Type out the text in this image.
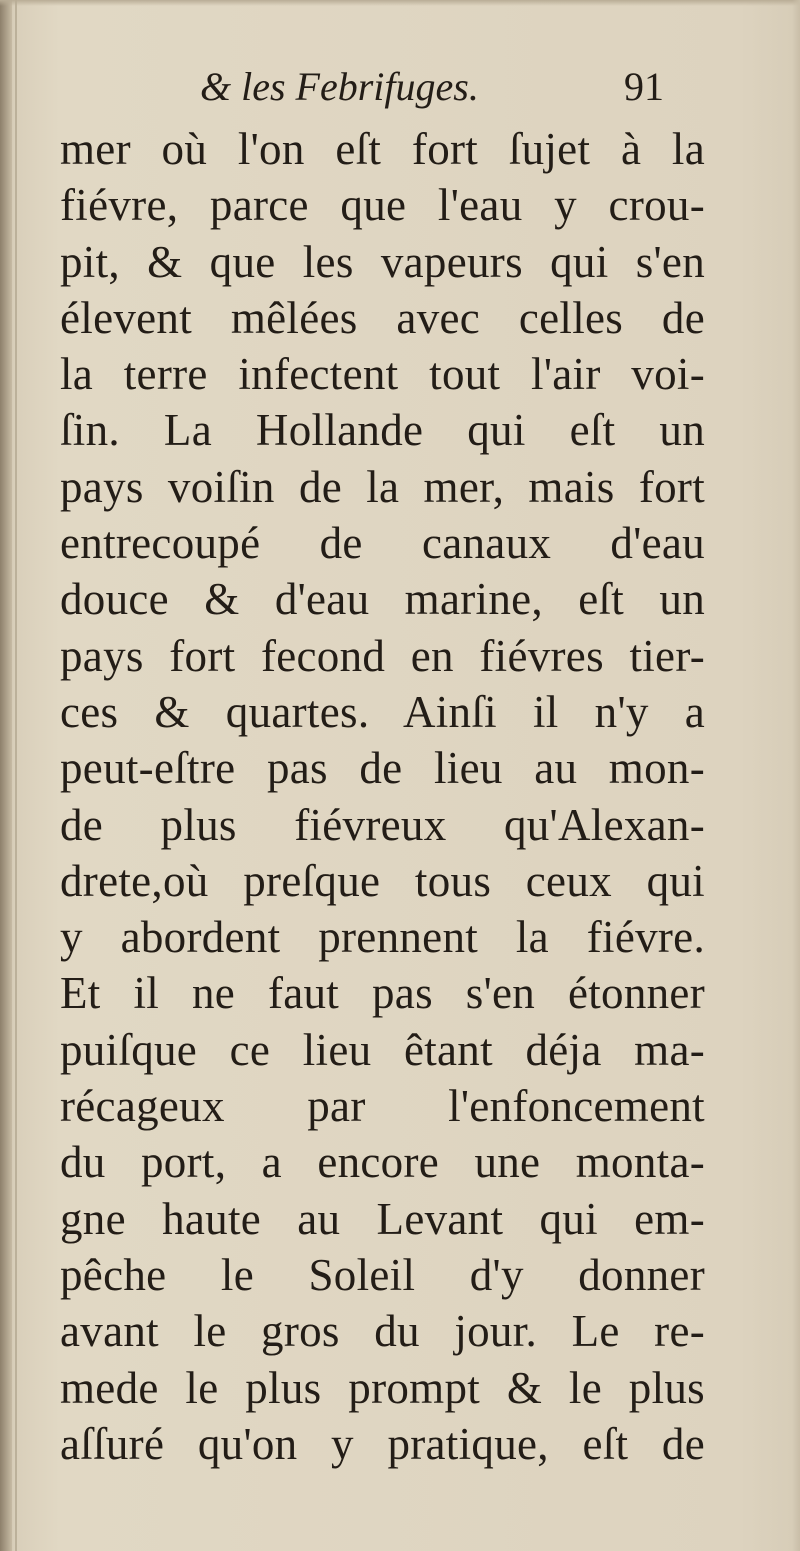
& les Febrifuges.	91
mer où l'on eſt fort ſujet à la
fiévre, parce que l'eau y crou-
pit, & que les vapeurs qui s'en
élevent mêlées avec celles de
la terre infectent tout l'air voi-
ſin. La Hollande qui eſt un
pays voiſin de la mer, mais fort
entrecoupé de canaux d'eau
douce & d'eau marine, eſt un
pays fort fecond en fiévres tier-
ces & quartes. Ainſi il n'y a
peut-eſtre pas de lieu au mon-
de plus fiévreux qu'Alexan-
drete,où preſque tous ceux qui
y abordent prennent la fiévre.
Et il ne faut pas s'en étonner
puiſque ce lieu êtant déja ma-
récageux par l'enfoncement
du port, a encore une monta-
gne haute au Levant qui em-
pêche le Soleil d'y donner
avant le gros du jour. Le re-
mede le plus prompt & le plus
aſſuré qu'on y pratique, eſt de
